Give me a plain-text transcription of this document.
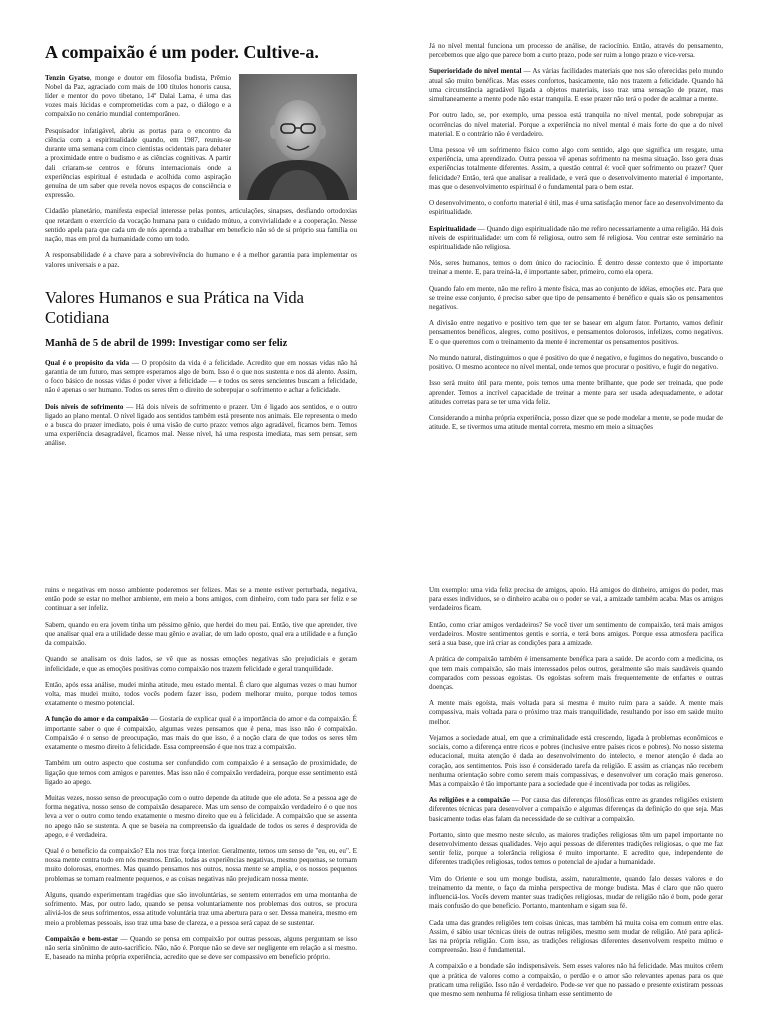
A compaixão é um poder. Cultive-a.

Tenzin Gyatso, monge e doutor em filosofia budista, Prêmio Nobel da Paz, agraciado com mais de 100 títulos honoris causa, líder e mentor do povo tibetano, 14º Dalai Lama, é uma das vozes mais lúcidas e comprometidas com a paz, o diálogo e a compaixão no cenário mundial contemporâneo.

Pesquisador infatigável, abriu as portas para o encontro da ciência com a espiritualidade quando, em 1987, reuniu-se durante uma semana com cinco cientistas ocidentais para debater a proximidade entre o budismo e as ciências cognitivas. A partir dali criaram-se centros e fóruns internacionais onde a experiências espiritual é estudada e acolhida como aspiração genuína de um saber que revela novos espaços de consciência e expressão.

Cidadão planetário, manifesta especial interesse pelas pontes, articulações, sinapses, desfiando ortodoxias que retardam o exercício da vocação humana para o cuidado mútuo, a convivialidade e a cooperação. Nesse sentido apela para que cada um de nós aprenda a trabalhar em benefício não só de si próprio sua família ou nação, mas em prol da humanidade como um todo.

A responsabilidade é a chave para a sobrevivência do humano e é a melhor garantia para implementar os valores universais e a paz.

Valores Humanos e sua Prática na Vida Cotidiana
Manhã de 5 de abril de 1999: Investigar como ser feliz

Qual é o propósito da vida — O propósito da vida é a felicidade. Acredito que em nossas vidas não há garantia de um futuro, mas sempre esperamos algo de bom. Isso é o que nos sustenta e nos dá alento. Assim, o foco básico de nossas vidas é poder viver a felicidade — e todos os seres sencientes buscam a felicidade, não é apenas o ser humano. Todos os seres têm o direito de sobrepujar o sofrimento e achar a felicidade.

Dois níveis de sofrimento — Há dois níveis de sofrimento e prazer. Um é ligado aos sentidos, e o outro ligado ao plano mental. O nível ligado aos sentidos também está presente nos animais. Ele representa o medo e a busca do prazer imediato, pois é uma visão de curto prazo: vemos algo agradável, ficamos bem. Temos uma experiência desagradável, ficamos mal. Nesse nível, há uma resposta imediata, mas sem pensar, sem análise.

Já no nível mental funciona um processo de análise, de raciocínio. Então, através do pensamento, percebemos que algo que parece bom a curto prazo, pode ser ruim a longo prazo e vice-versa.

Superioridade do nível mental — As várias facilidades materiais que nos são oferecidas pelo mundo atual são muito benéficas. Mas esses confortos, basicamente, não nos trazem a felicidade. Quando há uma circunstância agradável ligada a objetos materiais, isso traz uma sensação de prazer, mas simultaneamente a mente pode não estar tranquila. E esse prazer não terá o poder de acalmar a mente.

Por outro lado, se, por exemplo, uma pessoa está tranquila no nível mental, pode sobrepujar as ocorrências do nível material. Porque a experiência no nível mental é mais forte do que a do nível material. E o contrário não é verdadeiro.

Uma pessoa vê um sofrimento físico como algo com sentido, algo que significa um resgate, uma experiência, uma aprendizado. Outra pessoa vê apenas sofrimento na mesma situação. Isso gera duas experiências totalmente diferentes. Assim, a questão central é: você quer sofrimento ou prazer? Quer felicidade? Então, terá que analisar a realidade, e verá que o desenvolvimento material é importante, mas que o desenvolvimento espiritual é o fundamental para o bem estar.

O desenvolvimento, o conforto material é útil, mas é uma satisfação menor face ao desenvolvimento da espiritualidade.

Espiritualidade — Quando digo espiritualidade não me refiro necessariamente a uma religião. Há dois níveis de espiritualidade: um com fé religiosa, outro sem fé religiosa. Vou centrar este seminário na espiritualidade não religiosa.

Nós, seres humanos, temos o dom único do raciocínio. É dentro desse contexto que é importante treinar a mente. E, para treiná-la, é importante saber, primeiro, como ela opera.

Quando falo em mente, não me refiro à mente física, mas ao conjunto de idéias, emoções etc. Para que se treine esse conjunto, é preciso saber que tipo de pensamento é benéfico e quais são os pensamentos negativos.

A divisão entre negativo e positivo tem que ter se basear em algum fator. Portanto, vamos definir pensamentos benéficos, alegres, como positivos, e pensamentos dolorosos, infelizes, como negativos. E o que queremos com o treinamento da mente é incrementar os pensamentos positivos.

No mundo natural, distinguimos o que é positivo do que é negativo, e fugimos do negativo, buscando o positivo. O mesmo acontece no nível mental, onde temos que procurar o positivo, e fugir do negativo.

Isso será muito útil para mente, pois temos uma mente brilhante, que pode ser treinada, que pode aprender. Temos a incrível capacidade de treinar a mente para ser usada adequadamente, e adotar atitudes corretas para se ter uma vida feliz.

Considerando a minha própria experiência, posso dizer que se pode modelar a mente, se pode mudar de atitude. E, se tivermos uma atitude mental correta, mesmo em meio a situações

ruins e negativas em nosso ambiente poderemos ser felizes. Mas se a mente estiver perturbada, negativa, então pode se estar no melhor ambiente, em meio a bons amigos, com dinheiro, com tudo para ser feliz e se continuar a ser infeliz.

Sabem, quando eu era jovem tinha um péssimo gênio, que herdei do meu pai. Então, tive que aprender, tive que analisar qual era a utilidade desse mau gênio e avaliar, de um lado oposto, qual era a utilidade e a função da compaixão.

Quando se analisam os dois lados, se vê que as nossas emoções negativas são prejudiciais e geram infelicidade, e que as emoções positivas como compaixão nos trazem felicidade e geral tranquilidade.

Então, após essa análise, mudei minha atitude, meu estado mental. É claro que algumas vezes o mau humor volta, mas mudei muito, todos vocês podem fazer isso, podem melhorar muito, porque todos temos exatamente o mesmo potencial.

A função do amor e da compaixão — Gostaria de explicar qual é a importância do amor e da compaixão. É importante saber o que é compaixão, algumas vezes pensamos que é pena, mas isso não é compaixão. Compaixão é o senso de preocupação, mas mais do que isso, é a noção clara de que todos os seres têm exatamente o mesmo direito à felicidade. Essa compreensão é que nos traz a compaixão.

Também um outro aspecto que costuma ser confundido com compaixão é a sensação de proximidade, de ligação que temos com amigos e parentes. Mas isso não é compaixão verdadeira, porque esse sentimento está ligado ao apego.

Muitas vezes, nosso senso de preocupação com o outro depende da atitude que ele adota. Se a pessoa age de forma negativa, nosso senso de compaixão desaparece. Mas um senso de compaixão verdadeiro é o que nos leva a ver o outro como tendo exatamente o mesmo direito que eu à felicidade. A compaixão que se assenta no apego não se sustenta. A que se baseia na compreensão da igualdade de todos os seres é desprovida de apego, e é verdadeira.

Qual é o benefício da compaixão? Ela nos traz força interior. Geralmente, temos um senso de "eu, eu, eu". E nossa mente centra tudo em nós mesmos. Então, todas as experiências negativas, mesmo pequenas, se tornam muito dolorosas, enormes. Mas quando pensamos nos outros, nossa mente se amplia, e os nossos pequenos problemas se tornam realmente pequenos, e as coisas negativas não prejudicam nossa mente.

Alguns, quando experimentam tragédias que são involuntárias, se sentem enterrados em uma montanha de sofrimento. Mas, por outro lado, quando se pensa voluntariamente nos problemas dos outros, se procura aliviá-los de seus sofrimentos, essa atitude voluntária traz uma abertura para o ser. Dessa maneira, mesmo em meio a problemas pessoais, isso traz uma base de clareza, e a pessoa será capaz de se sustentar.

Compaixão e bem-estar — Quando se pensa em compaixão por outras pessoas, alguns perguntam se isso não seria sinônimo de auto-sacrifício. Não, não é. Porque não se deve ser negligente em relação a si mesmo. E, baseado na minha própria experiência, acredito que se deve ser compassivo em benefício próprio.

Um exemplo: uma vida feliz precisa de amigos, apoio. Há amigos do dinheiro, amigos do poder, mas para esses indivíduos, se o dinheiro acaba ou o poder se vai, a amizade também acaba. Mas os amigos verdadeiros ficam.

Então, como criar amigos verdadeiros? Se você tiver um sentimento de compaixão, terá mais amigos verdadeiros. Mostre sentimentos gentis e sorria, e terá bons amigos. Porque essa atmosfera pacífica será a sua base, que irá criar as condições para a amizade.

A prática de compaixão também é imensamente benéfica para a saúde. De acordo com a medicina, os que tem mais compaixão, são mais interessados pelos outros, geralmente são mais saudáveis quando comparados com pessoas egoístas. Os egoístas sofrem mais frequentemente de enfartes e outras doenças.

A mente mais egoísta, mais voltada para si mesma é muito ruim para a saúde. A mente mais compassiva, mais voltada para o próximo traz mais tranquilidade, resultando por isso em saúde muito melhor.

Vejamos a sociedade atual, em que a criminalidade está crescendo, ligada à problemas econômicos e sociais, como a diferença entre ricos e pobres (inclusive entre países ricos e pobres). No nosso sistema educacional, muita atenção é dada ao desenvolvimento do intelecto, e menor atenção é dada ao coração, aos sentimentos. Pois isso é considerado tarefa da religião. E assim as crianças não recebem nenhuma orientação sobre como serem mais compassivas, e desenvolver um coração mais generoso. Mas a compaixão é tão importante para a sociedade que é incentivada por todas as religiões.

As religiões e a compaixão — Por causa das diferenças filosóficas entre as grandes religiões existem diferentes técnicas para desenvolver a compaixão e algumas diferenças da definição do que seja. Mas basicamente todas elas falam da necessidade de se cultivar a compaixão.

Portanto, sinto que mesmo neste século, as maiores tradições religiosas têm um papel importante no desenvolvimento dessas qualidades. Vejo aqui pessoas de diferentes tradições religiosas, o que me faz sentir feliz, porque a tolerância religiosa é muito importante. E acredito que, independente de diferentes tradições religiosas, todos temos o potencial de ajudar a humanidade.

Vim do Oriente e sou um monge budista, assim, naturalmente, quando falo desses valores e do treinamento da mente, o faço da minha perspectiva de monge budista. Mas é claro que não quero influenciá-los. Vocês devem manter suas tradições religiosas, mudar de religião não é bom, pode gerar mais confusão do que benefício. Portanto, mantenham e sigam sua fé.

Cada uma das grandes religiões tem coisas únicas, mas também há muita coisa em comum entre elas. Assim, é sábio usar técnicas úteis de outras religiões, mesmo sem mudar de religião. Até para aplicá-las na própria religião. Com isso, as tradições religiosas diferentes desenvolvem respeito mútuo e compreensão. Isso é fundamental.

A compaixão e a bondade são indispensáveis. Sem esses valores não há felicidade. Mas muitos crêem que a prática de valores como a compaixão, o perdão e o amor são relevantes apenas para os que praticam uma religião. Isso não é verdadeiro. Pode-se ver que no passado e presente existiram pessoas que mesmo sem nenhuma fé religiosa tinham esse sentimento de
